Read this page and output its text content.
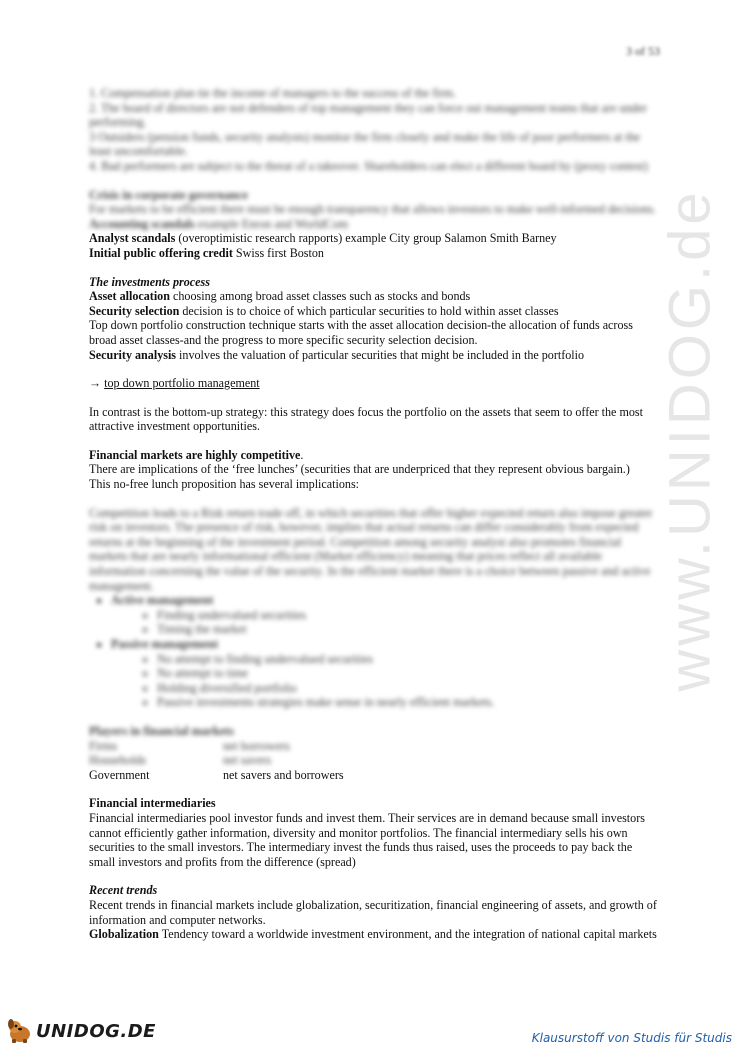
www.UNIDOG.de
3 of 53

1. Compensation plan tie the income of managers to the success of the firm.

2. The board of directors are not defenders of top management they can force out management teams that are under performing.

3 Outsiders (pension funds, security analysts) monitor the firm closely and make the life of poor performers at the least uncomfortable.

4. Bad performers are subject to the threat of a takeover. Shareholders can elect a different board by (proxy contest)

Crisis in corporate governance

For markets to be efficient there must be enough transparency that allows investors to make well-informed decisions.

Accounting scandals example Enron and WorldCom

Analyst scandals (overoptimistic research rapports) example City group Salamon Smith Barney

Initial public offering credit Swiss first Boston

The investments process

Asset allocation choosing among broad asset classes such as stocks and bonds

Security selection decision is to choice of which particular securities to hold within asset classes

Top down portfolio construction technique starts with the asset allocation decision-the allocation of funds across broad asset classes-and the progress to more specific security selection decision.

Security analysis involves the valuation of particular securities that might be included in the portfolio

→ top down portfolio management

In contrast is the bottom-up strategy: this strategy does focus the portfolio on the assets that seem to offer the most attractive investment opportunities.

Financial markets are highly competitive.

There are implications of the ‘free lunches’ (securities that are underpriced that they represent obvious bargain.)

This no-free lunch proposition has several implications:

Competition leads to a Risk return trade off, in which securities that offer higher expected return also impose greater risk on investors. The presence of risk, however, implies that actual returns can differ considerably from expected returns at the beginning of the investment period. Competition among security analyst also promotes financial markets that are nearly informational efficient (Market efficiency) meaning that prices reflect all available information concerning the value of the security. In the efficient market there is a choice between passive and active management.

▪ Active management
◦ Finding undervalued securities
◦ Timing the market
▪ Passive management
◦ No attempt to finding undervalued securities
◦ No attempt to time
◦ Holding diversified portfolio
◦ Passive investments strategies make sense in nearly efficient markets.

Players in financial markets

Firms	net borrowers
Households	net savers
Government	net savers and borrowers

Financial intermediaries

Financial intermediaries pool investor funds and invest them. Their services are in demand because small investors cannot efficiently gather information, diversity and monitor portfolios. The financial intermediary sells his own securities to the small investors. The intermediary invest the funds thus raised, uses the proceeds to pay back the small investors and profits from the difference (spread)

Recent trends

Recent trends in financial markets include globalization, securitization, financial engineering of assets, and growth of information and computer networks.

Globalization Tendency toward a worldwide investment environment, and the integration of national capital markets

UNIDOG.DE	Klausurstoff von Studis für Studis
